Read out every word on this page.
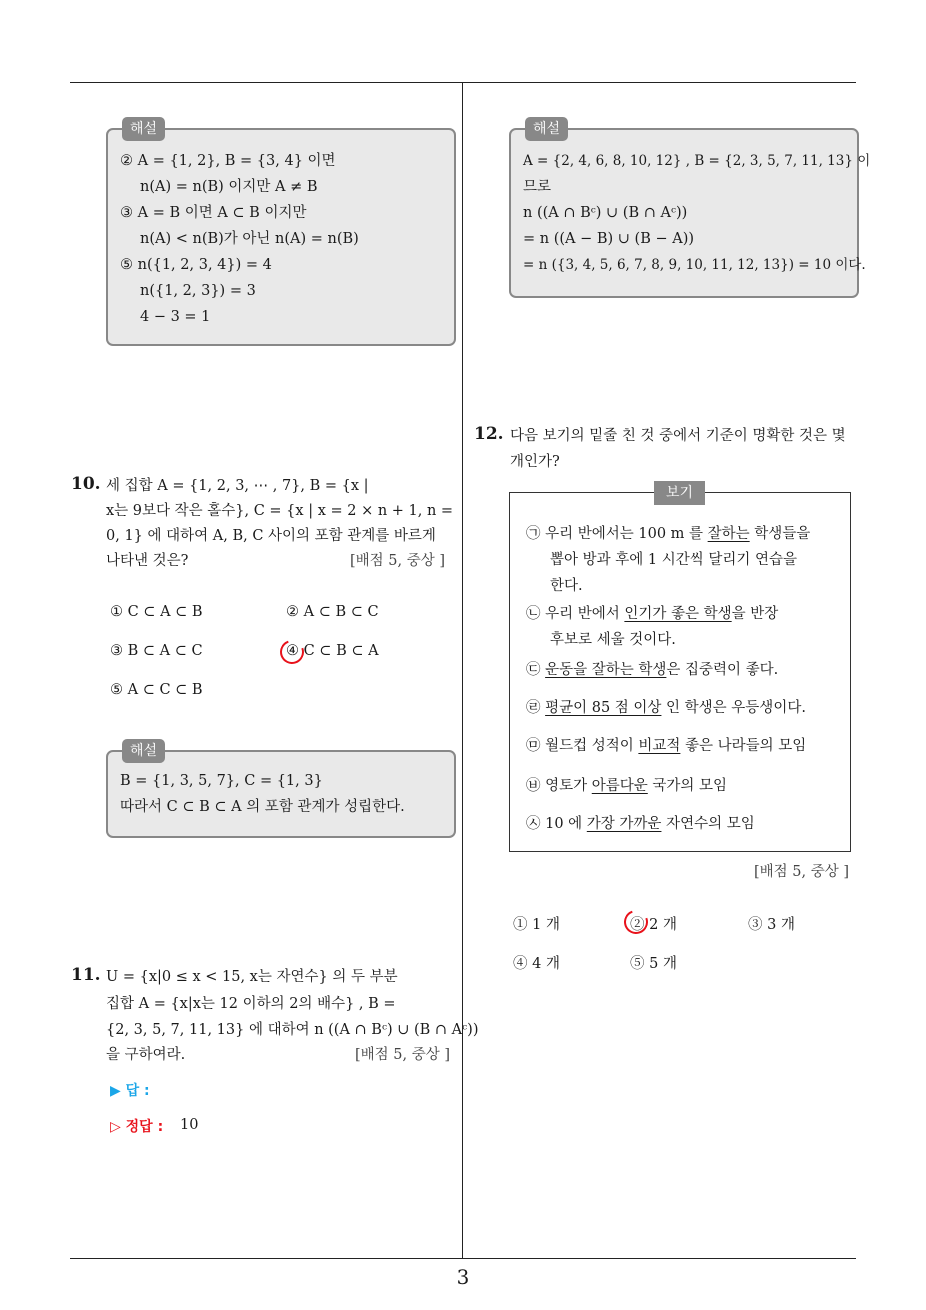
해설
② A = {1, 2}, B = {3, 4} 이면
n(A) = n(B) 이지만 A ≠ B
③ A = B 이면 A ⊂ B 이지만
n(A) < n(B)가 아닌 n(A) = n(B)
⑤ n({1, 2, 3, 4}) = 4
n({1, 2, 3}) = 3
4 − 3 = 1
10. 세 집합 A = {1, 2, 3, ⋯ , 7}, B = {x |
x는 9보다 작은 홀수}, C = {x | x = 2 × n + 1, n =
0, 1} 에 대하여 A, B, C 사이의 포함 관계를 바르게
나타낸 것은?	[배점 5, 중상 ]
① C ⊂ A ⊂ B	② A ⊂ B ⊂ C
③ B ⊂ A ⊂ C	④ C ⊂ B ⊂ A
⑤ A ⊂ C ⊂ B
해설
B = {1, 3, 5, 7}, C = {1, 3}
따라서 C ⊂ B ⊂ A 의 포함 관계가 성립한다.
11. U = {x|0 ≤ x < 15, x는 자연수} 의 두 부분
집합 A = {x|x는 12 이하의 2의 배수} , B =
{2, 3, 5, 7, 11, 13} 에 대하여 n ((A ∩ Bᶜ) ∪ (B ∩ Aᶜ))
을 구하여라.	[배점 5, 중상 ]
▶ 답 :
▷ 정답 : 10
해설
A = {2, 4, 6, 8, 10, 12} , B = {2, 3, 5, 7, 11, 13} 이
므로
n ((A ∩ Bᶜ) ∪ (B ∩ Aᶜ))
= n ((A − B) ∪ (B − A))
= n ({3, 4, 5, 6, 7, 8, 9, 10, 11, 12, 13}) = 10 이다.
12. 다음 보기의 밑줄 친 것 중에서 기준이 명확한 것은 몇
개인가?
보기
㉠ 우리 반에서는 100 m 를 잘하는 학생들을
뽑아 방과 후에 1 시간씩 달리기 연습을
한다.
㉡ 우리 반에서 인기가 좋은 학생을 반장
후보로 세울 것이다.
㉢ 운동을 잘하는 학생은 집중력이 좋다.
㉣ 평균이 85 점 이상 인 학생은 우등생이다.
㉤ 월드컵 성적이 비교적 좋은 나라들의 모임
㉥ 영토가 아름다운 국가의 모임
㉦ 10 에 가장 가까운 자연수의 모임
[배점 5, 중상 ]
① 1 개	② 2 개	③ 3 개
④ 4 개	⑤ 5 개
3
